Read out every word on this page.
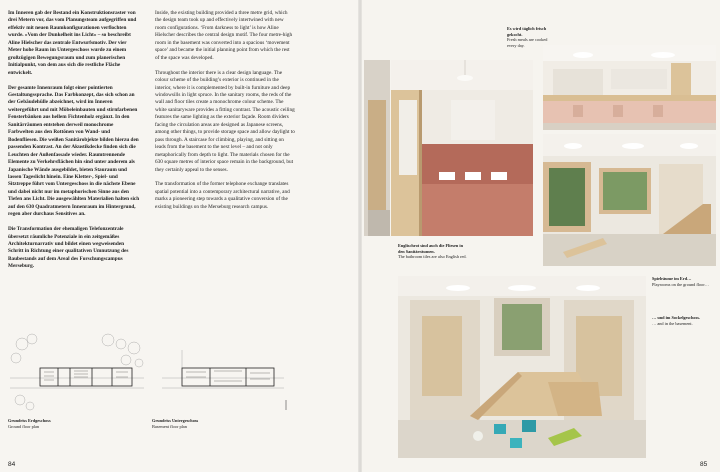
Im Inneren gab der Bestand ein Konstruktionsraster von drei Metern vor, das vom Planungsteam aufgegriffen und effektiv mit neuen Raumkonfigurationen verflochten wurde. »Vom der Dunkelheit ins Licht« – so beschreibt Aline Hielscher das zentrale Entwurfsmotiv. Der vier Meter hohe Raum im Untergeschoss wurde zu einem großzügigen Bewegungsraum und zum planerischen Initialpunkt, von dem aus sich die restliche Fläche entwickelt.

Der gesamte Innenraum folgt einer pointierten Gestaltungssprache. Das Farbkonzept, das sich schon an der Gebäudehülle abzeichnet, wird im Inneren weitergeführt und mit Möbeleinbauten und stirnfarbenen Fensterbänken aus hellem Fichtenholz ergänzt. In den Sanitärräumen entstehen derweil monochrome Farbwelten aus den Rottönen von Wand- und Bodenfliesen. Die weißen Sanitärobjekte bilden hierzu den passenden Kontrast. An der Akustikdecke finden sich die Leuchten der Außenfassade wieder. Raumtrennende Elemente zu Verkehrsflächen hin sind unter anderem als Japanische Wände ausgebildet, bieten Stauraum und lassen Tageslicht hinein. Eine Kletter-, Spiel- und Sitztreppe führt vom Untergeschoss in die nächste Ebene und dabei nicht nur im metaphorischen Sinne aus den Tiefen ans Licht. Die ausgewählten Materialien halten sich auf den 630 Quadratmetern Innenraum im Hintergrund, regen aber durchaus Sensitives an.

Die Transformation der ehemaligen Telefonzentrale übersetzt räumliche Potenziale in ein zeitgemäßes Architekturnarrativ und bildet einen wegweisenden Schritt in Richtung einer qualitativen Umnutzung des Baubestands auf dem Areal des Forschungscampus Merseburg.

Inside, the existing building provided a three metre grid, which the design team took up and effectively intertwined with new room configurations. ‘From darkness to light’ is how Aline Hielscher describes the central design motif. The four metre-high room in the basement was converted into a spacious ‘movement space’ and became the initial planning point from which the rest of the space was developed.

Throughout the interior there is a clear design language. The colour scheme of the building’s exterior is continued in the interior, where it is complemented by built-in furniture and deep windowsills in light spruce. In the sanitary rooms, the reds of the wall and floor tiles create a monochrome colour scheme. The white sanitaryware provides a fitting contrast. The acoustic ceiling features the same lighting as the exterior façade. Room dividers facing the circulation areas are designed as Japanese screens, among other things, to provide storage space and allow daylight to pass through. A staircase for climbing, playing, and sitting on leads from the basement to the next level – and not only metaphorically from depth to light. The materials chosen for the 630 square metres of interior space remain in the background, but they certainly appeal to the senses.

The transformation of the former telephone exchange translates spatial potential into a contemporary architectural narrative, and marks a pioneering step towards a qualitative conversion of the existing buildings on the Merseburg research campus.

Grundriss Erdgeschoss
Ground floor plan
Grundriss Untergeschoss
Basement floor plan
Englischrot sind auch die Fliesen in den Sanitärräumen.
The bathroom tiles are also English red.
Es wird täglich frisch gekocht.
Fresh meals are cooked every day.
Spielräume im Erd…
Playrooms on the ground floor…
… und im Sockelgeschoss.
… and in the basement.
84	85
